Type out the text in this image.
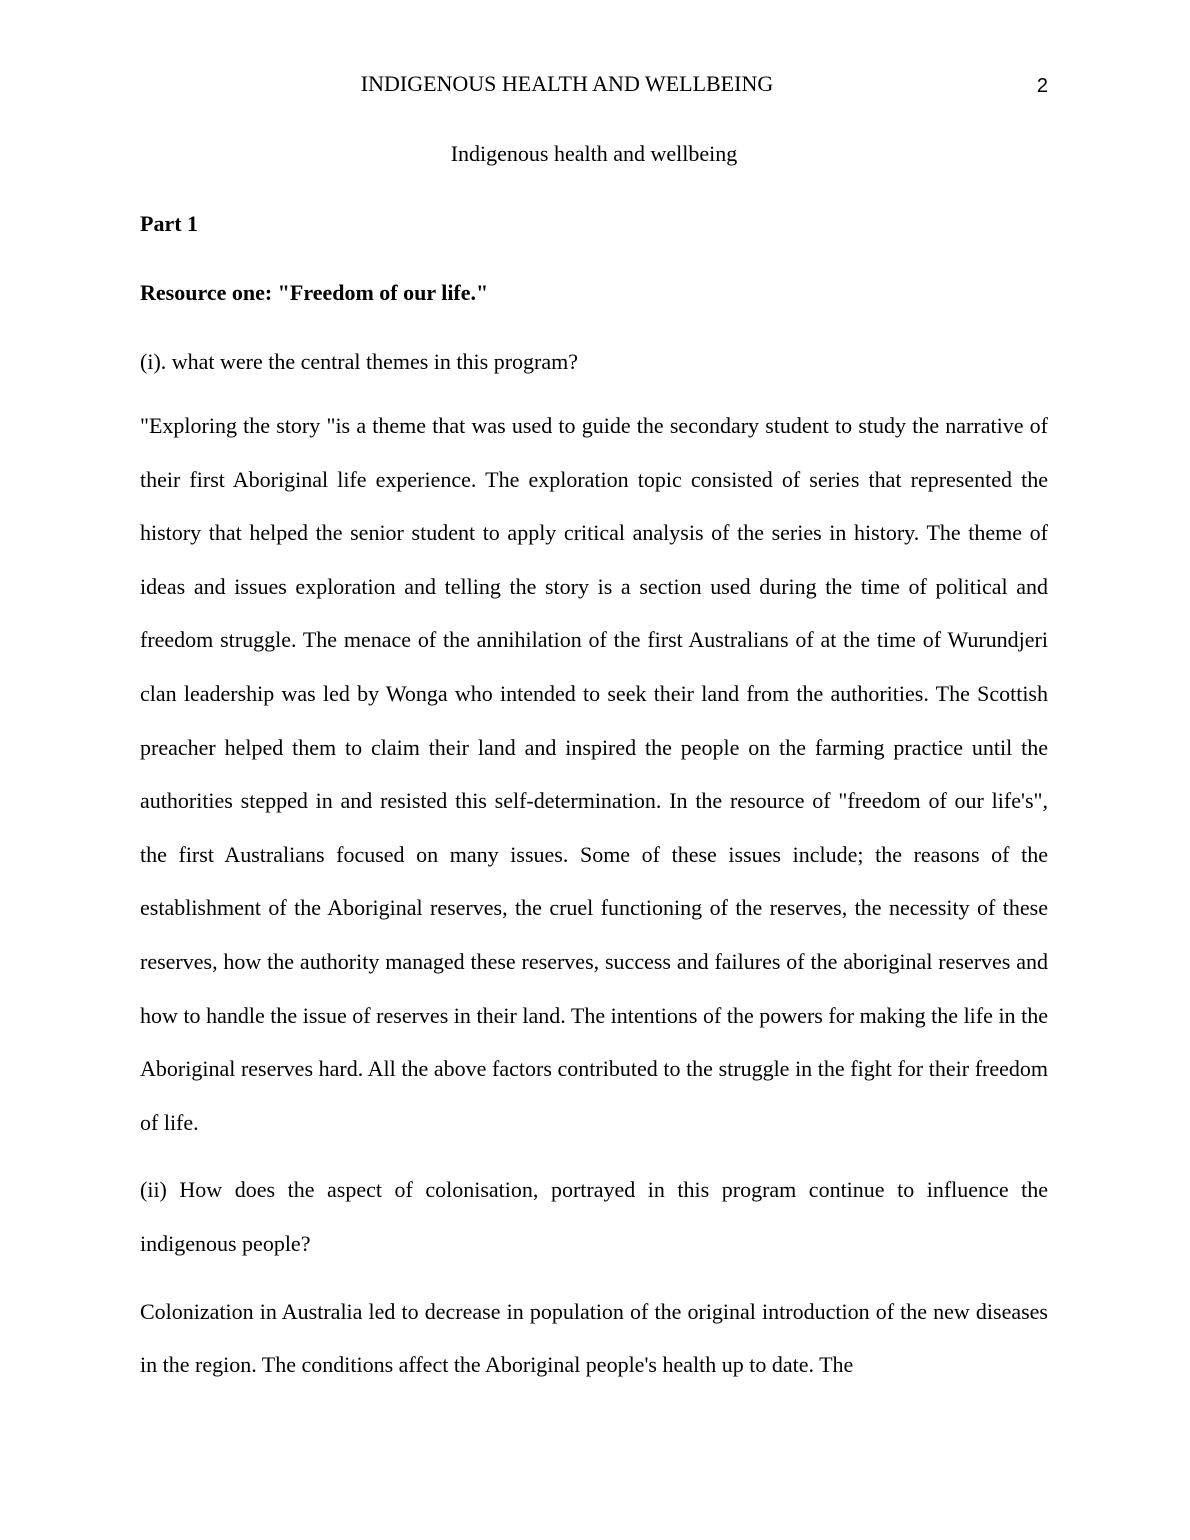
INDIGENOUS HEALTH AND WELLBEING	2
Indigenous health and wellbeing
Part 1
Resource one: "Freedom of our life."
(i). what were the central themes in this program?
"Exploring the story "is a theme that was used to guide the secondary student to study the narrative of their first Aboriginal life experience. The exploration topic consisted of series that represented the history that helped the senior student to apply critical analysis of the series in history. The theme of ideas and issues exploration and telling the story is a section used during the time of political and freedom struggle. The menace of the annihilation of the first Australians of at the time of Wurundjeri clan leadership was led by Wonga who intended to seek their land from the authorities. The Scottish preacher helped them to claim their land and inspired the people on the farming practice until the authorities stepped in and resisted this self-determination. In the resource of "freedom of our life's", the first Australians focused on many issues. Some of these issues include; the reasons of the establishment of the Aboriginal reserves, the cruel functioning of the reserves, the necessity of these reserves, how the authority managed these reserves, success and failures of the aboriginal reserves and how to handle the issue of reserves in their land. The intentions of the powers for making the life in the Aboriginal reserves hard. All the above factors contributed to the struggle in the fight for their freedom of life.
(ii) How does the aspect of colonisation, portrayed in this program continue to influence the indigenous people?
Colonization in Australia led to decrease in population of the original introduction of the new diseases in the region. The conditions affect the Aboriginal people's health up to date. The
